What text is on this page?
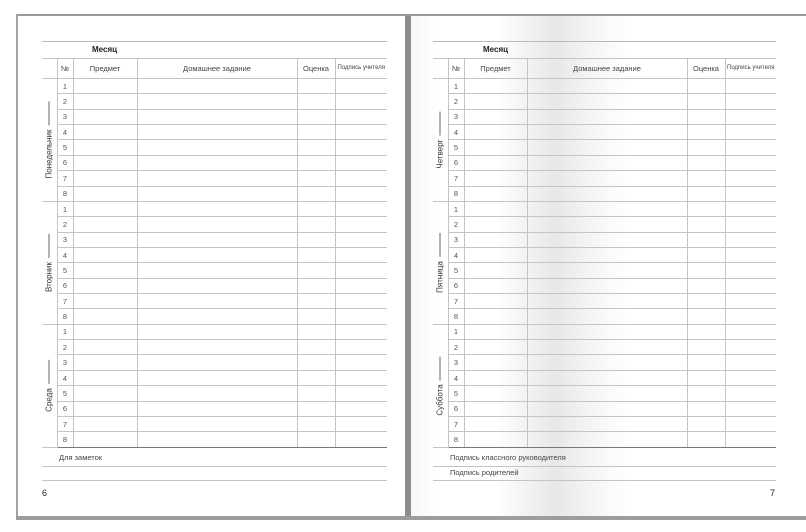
Месяц
	№	Предмет	Домашнее задание	Оценка	Подпись учителя

Понедельник	1				
	2				
	3				
	4				
	5				
	6				
	7				
	8				

Вторник	1				
	2				
	3				
	4				
	5				
	6				
	7				
	8				

Среда	1				
	2				
	3				
	4				
	5				
	6				
	7				
	8				
Для заметок
6
Месяц
	№	Предмет	Домашнее задание	Оценка	Подпись учителя

Четверг	1				
	2				
	3				
	4				
	5				
	6				
	7				
	8				

Пятница	1				
	2				
	3				
	4				
	5				
	6				
	7				
	8				

Суббота	1				
	2				
	3				
	4				
	5				
	6				
	7				
	8				
Подпись классного руководителя
Подпись родителей
7
